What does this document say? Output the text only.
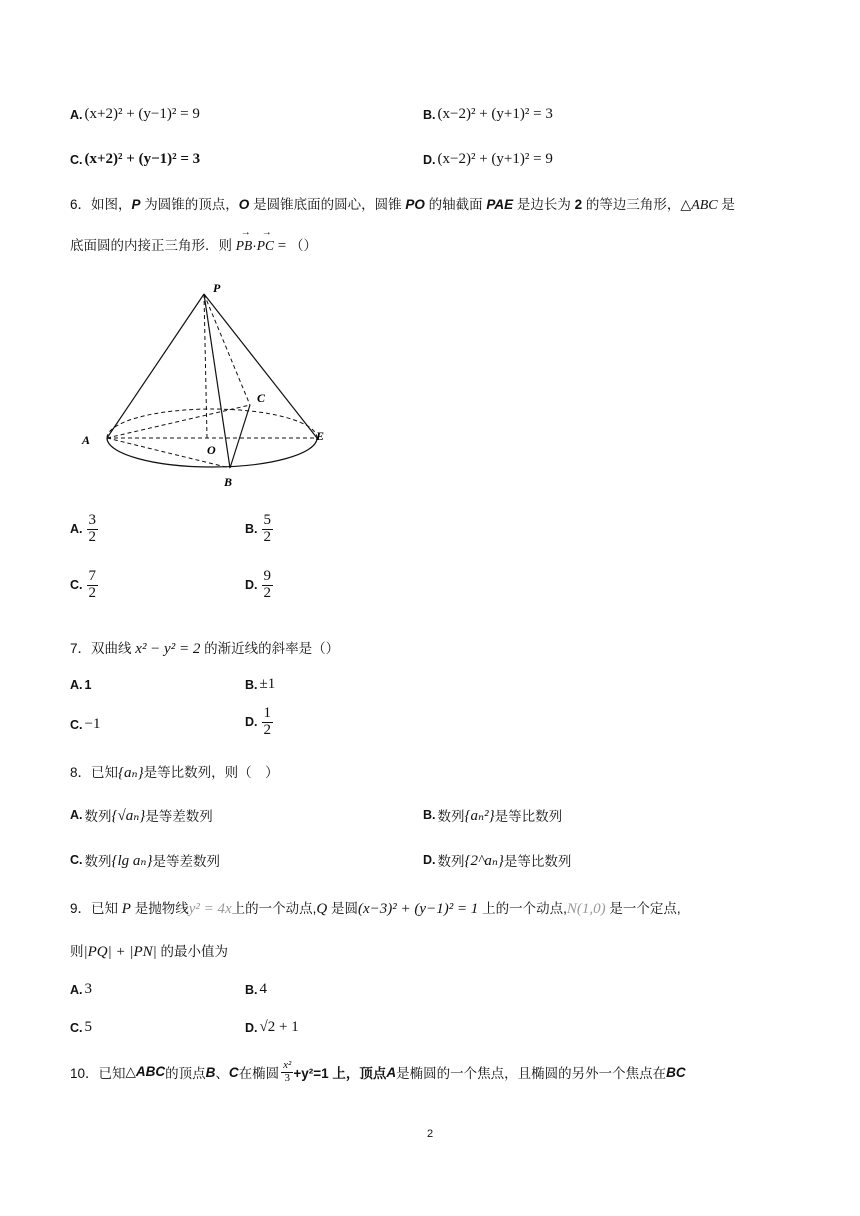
A. (x+2)² + (y−1)² = 9	B. (x−2)² + (y+1)² = 3
C. (x+2)² + (y−1)² = 3	D. (x−2)² + (y+1)² = 9
6．如图，P 为圆锥的顶点，O 是圆锥底面的圆心，圆锥 PO 的轴截面 PAE 是边长为 2 的等边三角形，△ABC 是
底面圆的内接正三角形．则 → PB·→ PC = （）
P
A
O
B
C
E
A. $\frac{3}{2}$	B. $\frac{5}{2}$
C. $\frac{7}{2}$	D. $\frac{9}{2}$
7．双曲线 x² − y² = 2 的渐近线的斜率是（）
A. 1	B. ±1
C. −1	D. $\frac{1}{2}$
8．已知{aₙ}是等比数列，则（　）
A. 数列 {√aₙ} 是等差数列	B. 数列 {aₙ²} 是等比数列
C. 数列 {lg aₙ} 是等差数列	D. 数列 {2^aₙ} 是等比数列
9．已知 P 是抛物线y² = 4x上的一个动点,Q 是圆(x−3)² + (y−1)² = 1 上的一个动点,N(1,0) 是一个定点,
则|PQ| + |PN| 的最小值为
A. 3	B. 4
C. 5	D. √2 + 1
10． 已知 △ABC 的顶点 B 、 C 在椭圆 $\frac{\text{x²}}{3} +y^2=1$ 上，顶点 A 是椭圆的一个焦点，且椭圆的另外一个焦点在 BC
2
